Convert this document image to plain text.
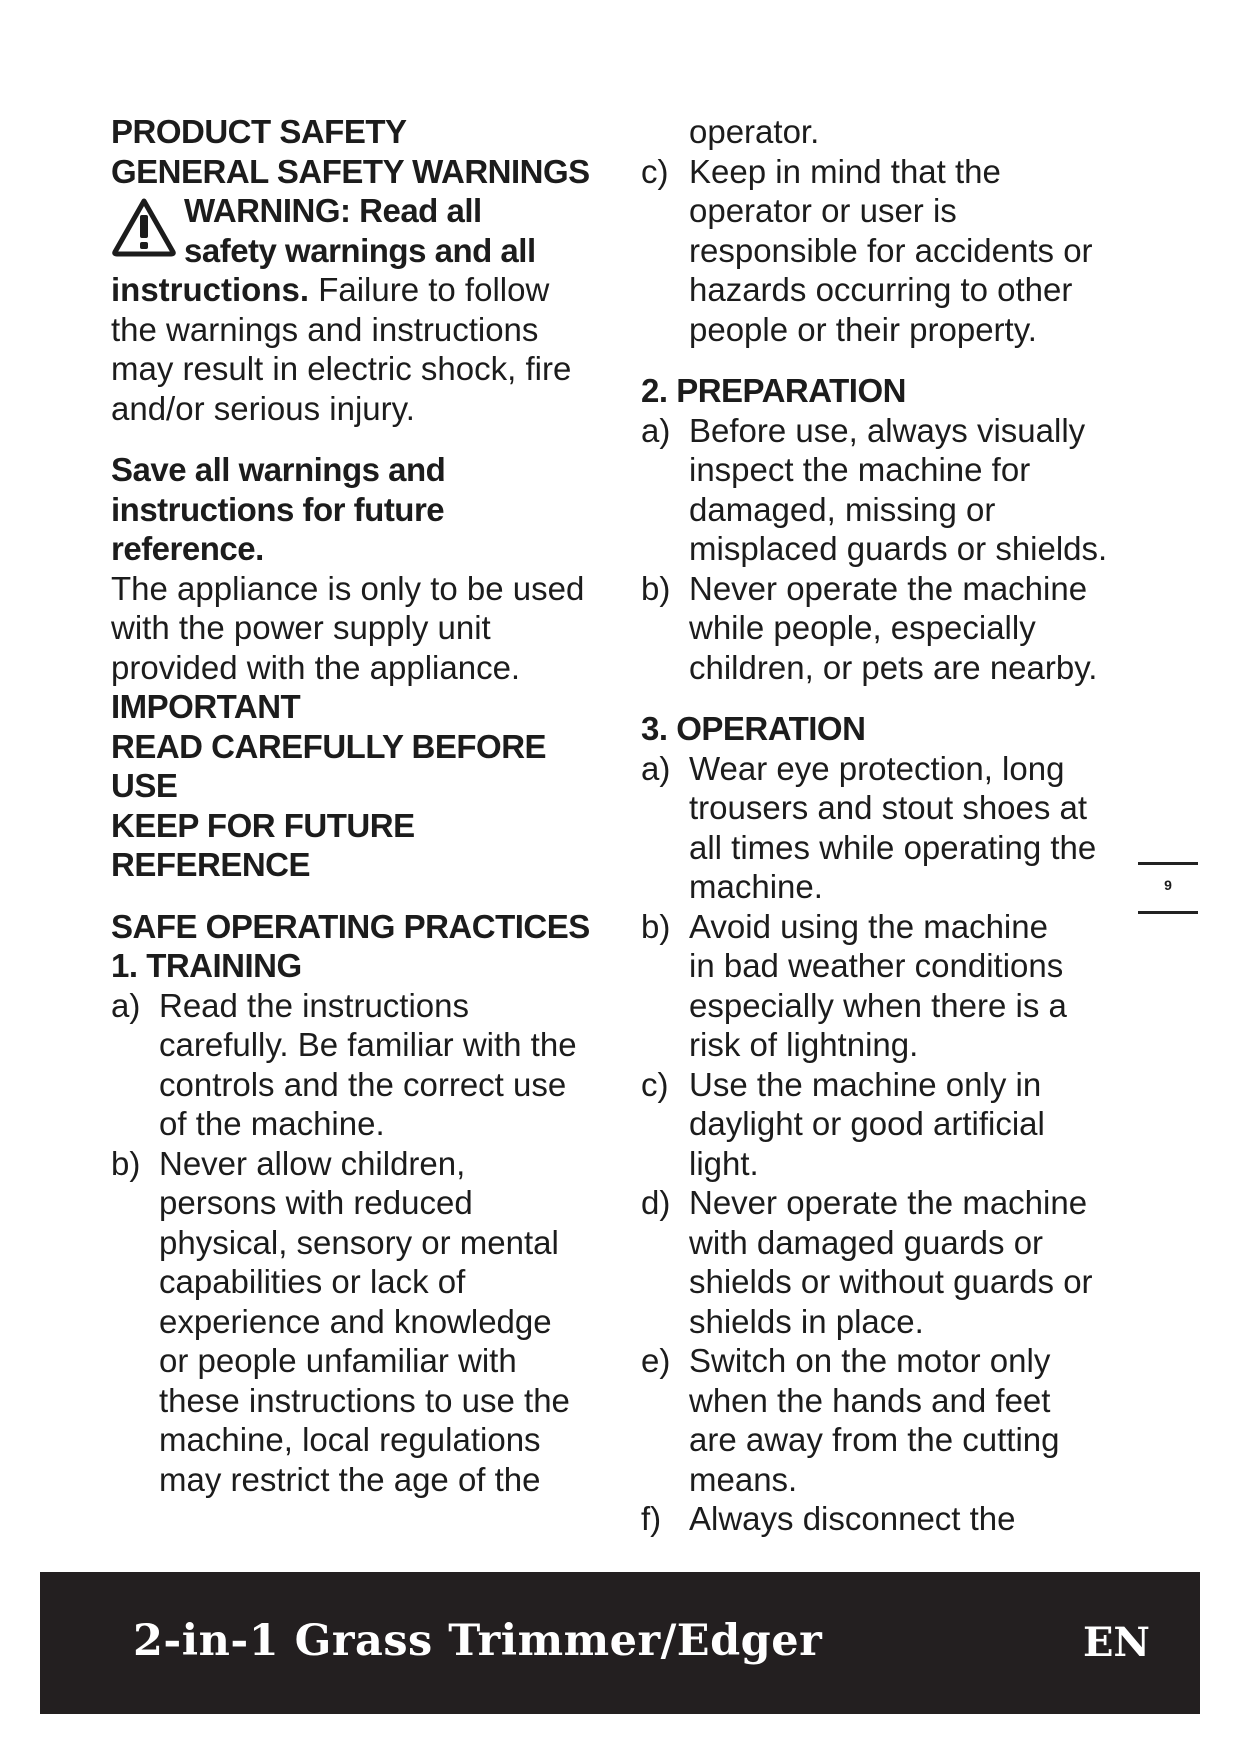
PRODUCT SAFETY

GENERAL SAFETY WARNINGS

WARNING: Read all

safety warnings and all

instructions. Failure to follow

the warnings and instructions

may result in electric shock, fire

and/or serious injury.

Save all warnings and

instructions for future

reference.

The appliance is only to be used

with the power supply unit

provided with the appliance.

IMPORTANT

READ CAREFULLY BEFORE

USE

KEEP FOR FUTURE

REFERENCE

SAFE OPERATING PRACTICES

1. TRAINING

a) Read the instructions

carefully. Be familiar with the

controls and the correct use

of the machine.

b) Never allow children,

persons with reduced

physical, sensory or mental

capabilities or lack of

experience and knowledge

or people unfamiliar with

these instructions to use the

machine, local regulations

may restrict the age of the

operator.

c) Keep in mind that the

operator or user is

responsible for accidents or

hazards occurring to other

people or their property.

2. PREPARATION

a) Before use, always visually

inspect the machine for

damaged, missing or

misplaced guards or shields.

b) Never operate the machine

while people, especially

children, or pets are nearby.

3. OPERATION

a) Wear eye protection, long

trousers and stout shoes at

all times while operating the

machine.

b) Avoid using the machine

in bad weather conditions

especially when there is a

risk of lightning.

c) Use the machine only in

daylight or good artificial

light.

d) Never operate the machine

with damaged guards or

shields or without guards or

shields in place.

e) Switch on the motor only

when the hands and feet

are away from the cutting

means.

f) Always disconnect the

9
2-in-1 Grass Trimmer/Edger	EN
